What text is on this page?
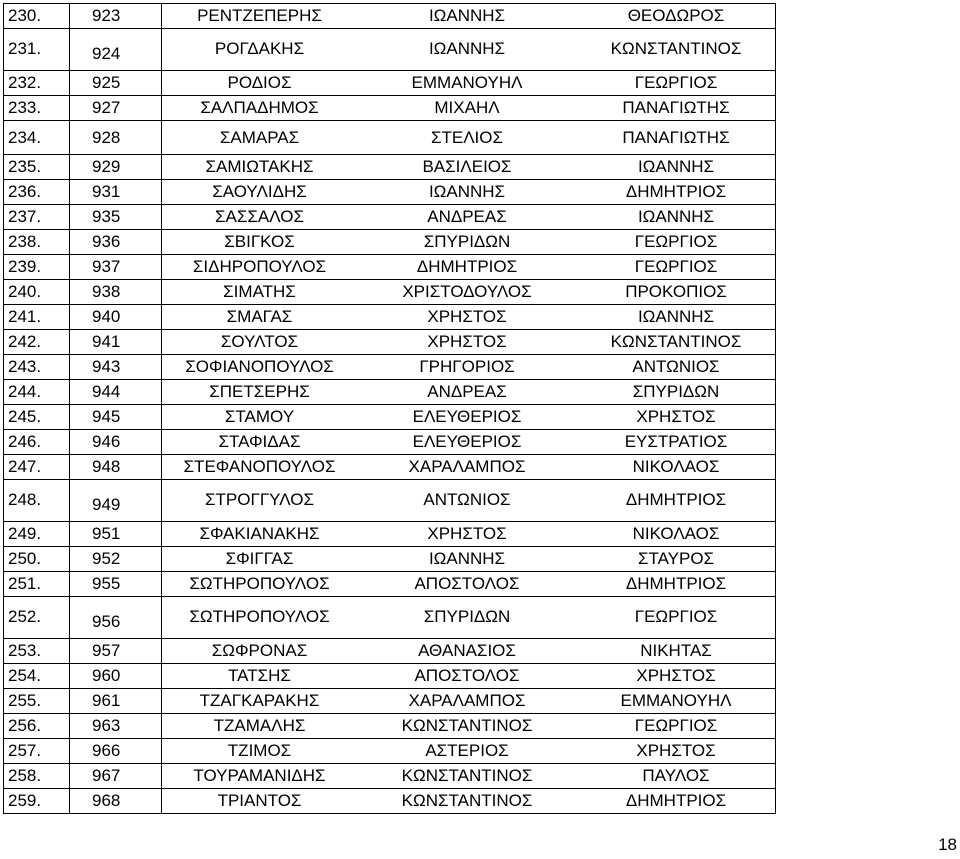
230.	923	ΡΕΝΤΖΕΠΕΡΗΣ	ΙΩΑΝΝΗΣ	ΘΕΟΔΩΡΟΣ
231.	924	ΡΟΓΔΑΚΗΣ	ΙΩΑΝΝΗΣ	ΚΩΝΣΤΑΝΤΙΝΟΣ
232.	925	ΡΟΔΙΟΣ	ΕΜΜΑΝΟΥΗΛ	ΓΕΩΡΓΙΟΣ
233.	927	ΣΑΛΠΑΔΗΜΟΣ	ΜΙΧΑΗΛ	ΠΑΝΑΓΙΩΤΗΣ
234.	928	ΣΑΜΑΡΑΣ	ΣΤΕΛΙΟΣ	ΠΑΝΑΓΙΩΤΗΣ
235.	929	ΣΑΜΙΩΤΑΚΗΣ	ΒΑΣΙΛΕΙΟΣ	ΙΩΑΝΝΗΣ
236.	931	ΣΑΟΥΛΙΔΗΣ	ΙΩΑΝΝΗΣ	ΔΗΜΗΤΡΙΟΣ
237.	935	ΣΑΣΣΑΛΟΣ	ΑΝΔΡΕΑΣ	ΙΩΑΝΝΗΣ
238.	936	ΣΒΙΓΚΟΣ	ΣΠΥΡΙΔΩΝ	ΓΕΩΡΓΙΟΣ
239.	937	ΣΙΔΗΡΟΠΟΥΛΟΣ	ΔΗΜΗΤΡΙΟΣ	ΓΕΩΡΓΙΟΣ
240.	938	ΣΙΜΑΤΗΣ	ΧΡΙΣΤΟΔΟΥΛΟΣ	ΠΡΟΚΟΠΙΟΣ
241.	940	ΣΜΑΓΑΣ	ΧΡΗΣΤΟΣ	ΙΩΑΝΝΗΣ
242.	941	ΣΟΥΛΤΟΣ	ΧΡΗΣΤΟΣ	ΚΩΝΣΤΑΝΤΙΝΟΣ
243.	943	ΣΟΦΙΑΝΟΠΟΥΛΟΣ	ΓΡΗΓΟΡΙΟΣ	ΑΝΤΩΝΙΟΣ
244.	944	ΣΠΕΤΣΕΡΗΣ	ΑΝΔΡΕΑΣ	ΣΠΥΡΙΔΩΝ
245.	945	ΣΤΑΜΟΥ	ΕΛΕΥΘΕΡΙΟΣ	ΧΡΗΣΤΟΣ
246.	946	ΣΤΑΦΙΔΑΣ	ΕΛΕΥΘΕΡΙΟΣ	ΕΥΣΤΡΑΤΙΟΣ
247.	948	ΣΤΕΦΑΝΟΠΟΥΛΟΣ	ΧΑΡΑΛΑΜΠΟΣ	ΝΙΚΟΛΑΟΣ
248.	949	ΣΤΡΟΓΓΥΛΟΣ	ΑΝΤΩΝΙΟΣ	ΔΗΜΗΤΡΙΟΣ
249.	951	ΣΦΑΚΙΑΝΑΚΗΣ	ΧΡΗΣΤΟΣ	ΝΙΚΟΛΑΟΣ
250.	952	ΣΦΙΓΓΑΣ	ΙΩΑΝΝΗΣ	ΣΤΑΥΡΟΣ
251.	955	ΣΩΤΗΡΟΠΟΥΛΟΣ	ΑΠΟΣΤΟΛΟΣ	ΔΗΜΗΤΡΙΟΣ
252.	956	ΣΩΤΗΡΟΠΟΥΛΟΣ	ΣΠΥΡΙΔΩΝ	ΓΕΩΡΓΙΟΣ
253.	957	ΣΩΦΡΟΝΑΣ	ΑΘΑΝΑΣΙΟΣ	ΝΙΚΗΤΑΣ
254.	960	ΤΑΤΣΗΣ	ΑΠΟΣΤΟΛΟΣ	ΧΡΗΣΤΟΣ
255.	961	ΤΖΑΓΚΑΡΑΚΗΣ	ΧΑΡΑΛΑΜΠΟΣ	ΕΜΜΑΝΟΥΗΛ
256.	963	ΤΖΑΜΑΛΗΣ	ΚΩΝΣΤΑΝΤΙΝΟΣ	ΓΕΩΡΓΙΟΣ
257.	966	ΤΖΙΜΟΣ	ΑΣΤΕΡΙΟΣ	ΧΡΗΣΤΟΣ
258.	967	ΤΟΥΡΑΜΑΝΙΔΗΣ	ΚΩΝΣΤΑΝΤΙΝΟΣ	ΠΑΥΛΟΣ
259.	968	ΤΡΙΑΝΤΟΣ	ΚΩΝΣΤΑΝΤΙΝΟΣ	ΔΗΜΗΤΡΙΟΣ
18
